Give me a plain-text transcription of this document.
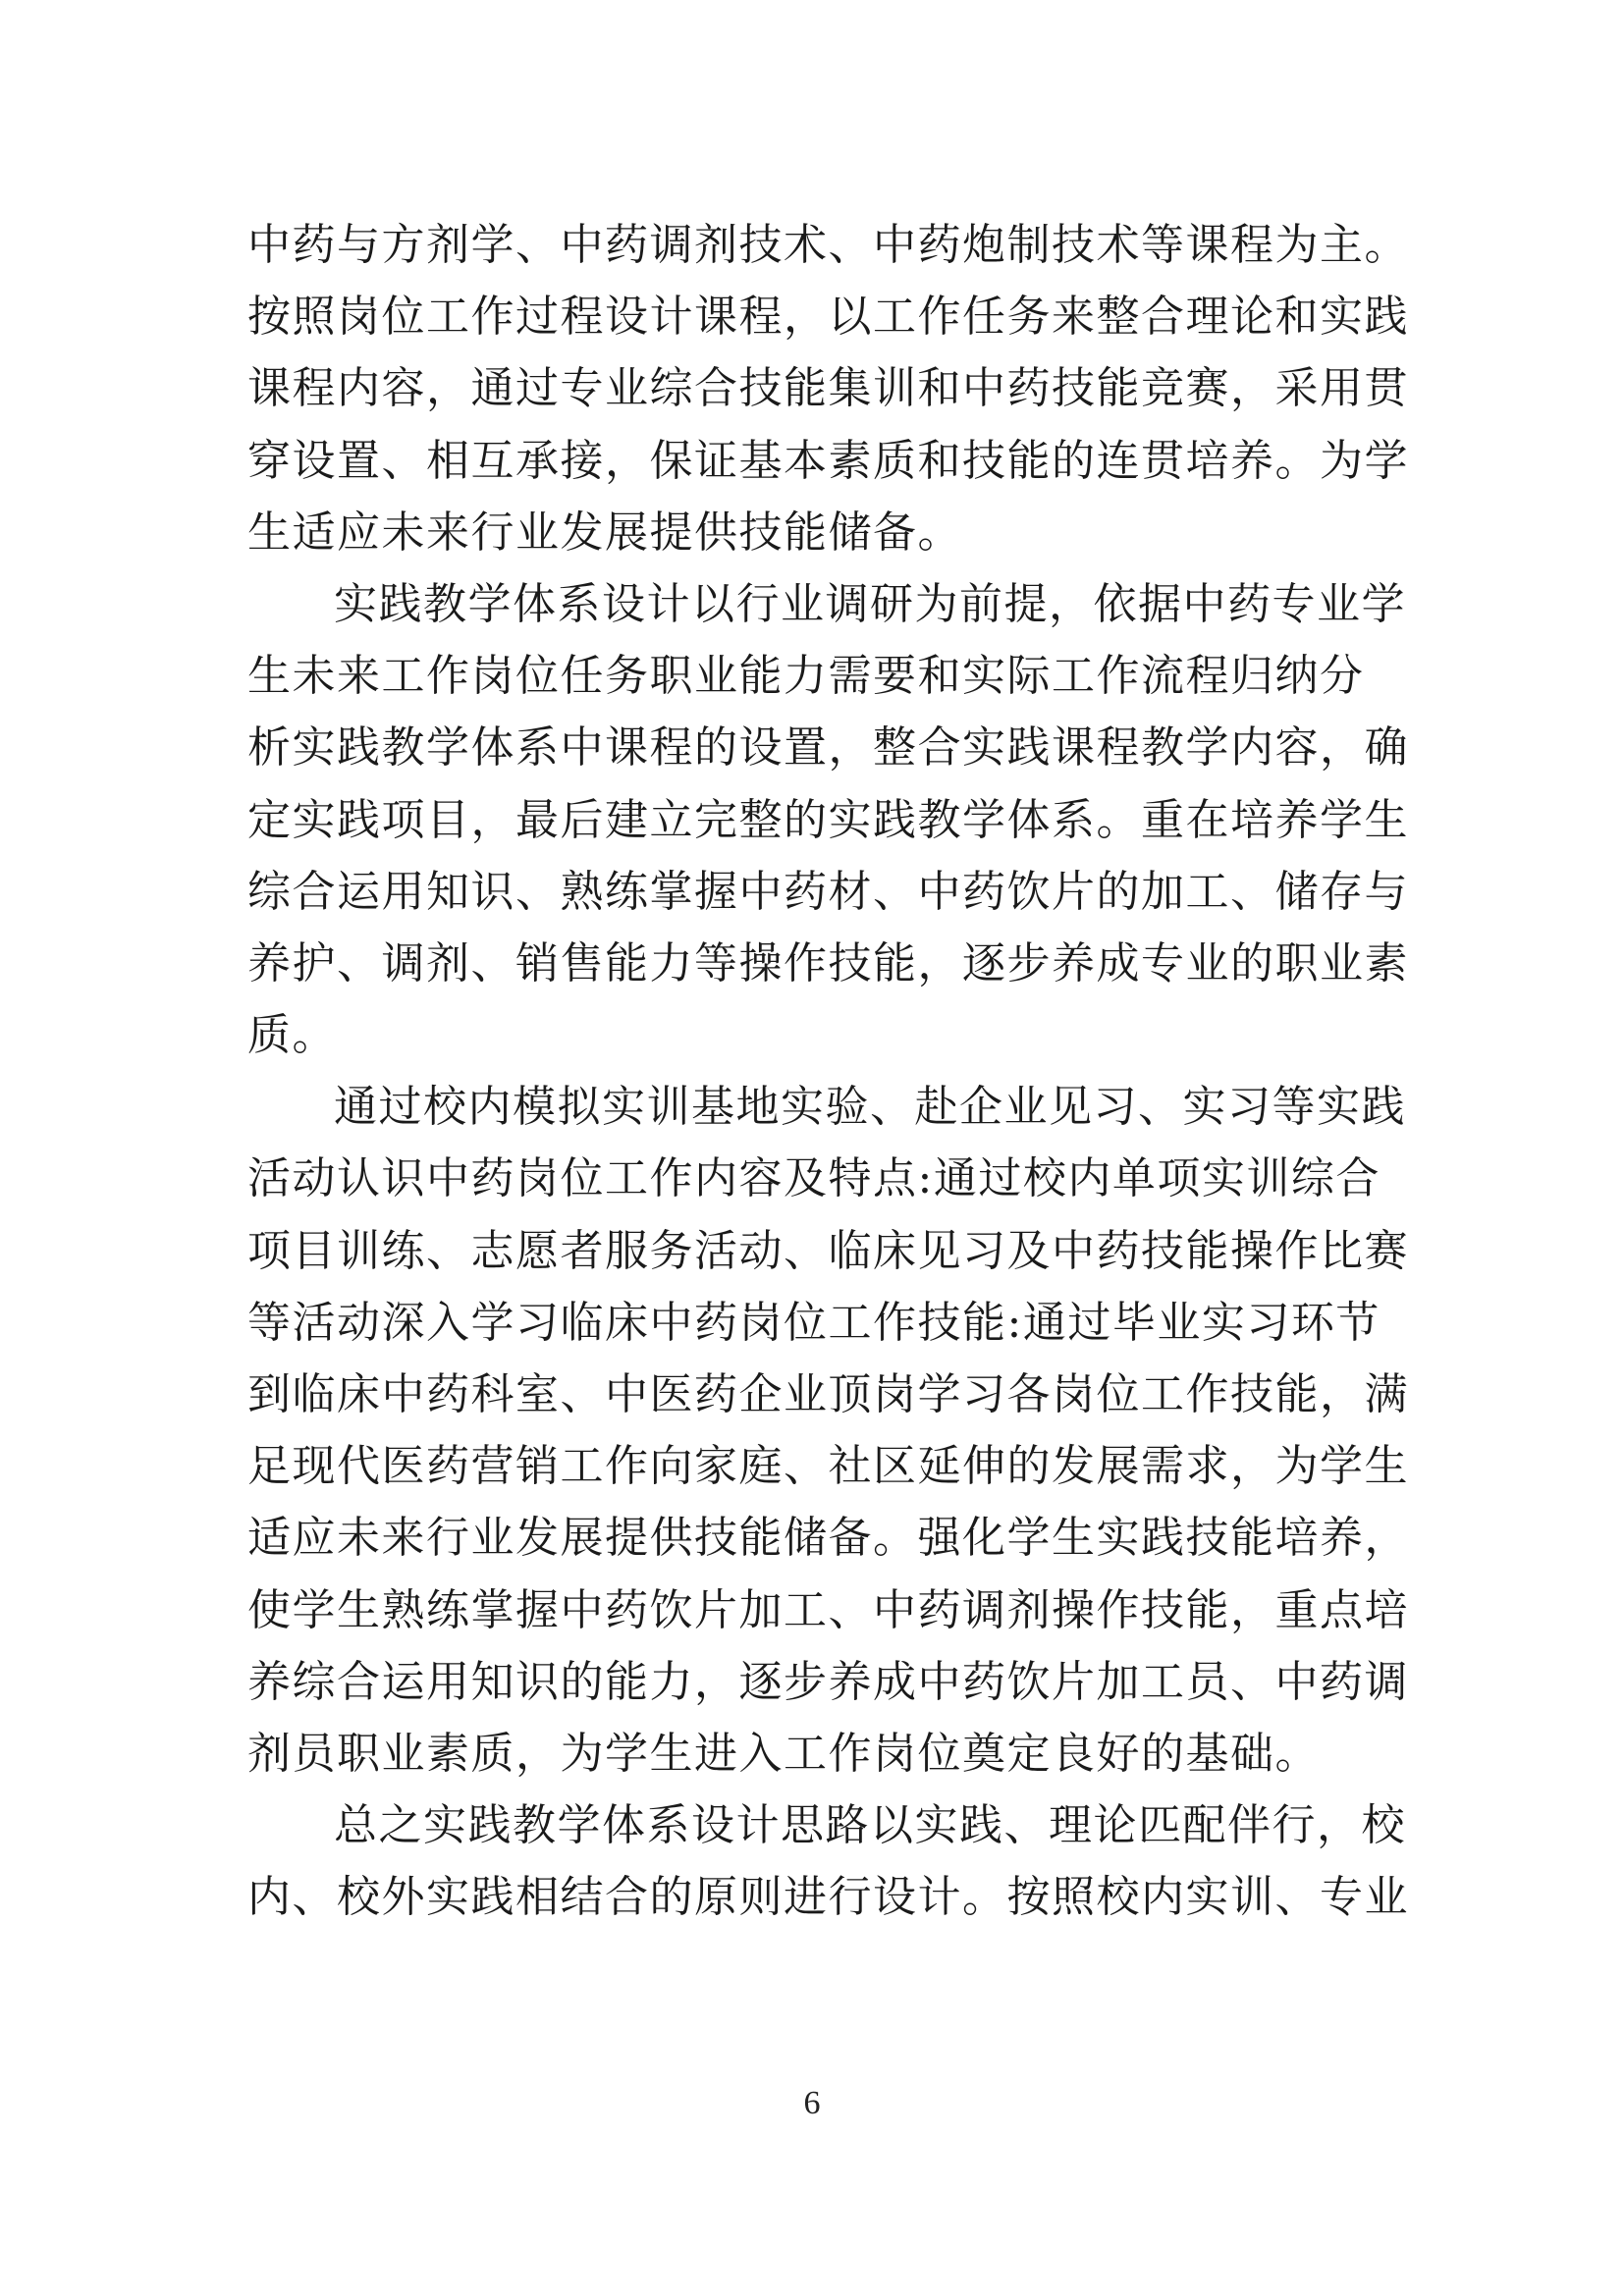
中药与方剂学、中药调剂技术、中药炮制技术等课程为主。
按照岗位工作过程设计课程，以工作任务来整合理论和实践
课程内容，通过专业综合技能集训和中药技能竞赛，采用贯
穿设置、相互承接，保证基本素质和技能的连贯培养。为学
生适应未来行业发展提供技能储备。
实践教学体系设计以行业调研为前提，依据中药专业学
生未来工作岗位任务职业能力需要和实际工作流程归纳分
析实践教学体系中课程的设置，整合实践课程教学内容，确
定实践项目，最后建立完整的实践教学体系。重在培养学生
综合运用知识、熟练掌握中药材、中药饮片的加工、储存与
养护、调剂、销售能力等操作技能，逐步养成专业的职业素
质。
通过校内模拟实训基地实验、赴企业见习、实习等实践
活动认识中药岗位工作内容及特点:通过校内单项实训综合
项目训练、志愿者服务活动、临床见习及中药技能操作比赛
等活动深入学习临床中药岗位工作技能:通过毕业实习环节
到临床中药科室、中医药企业顶岗学习各岗位工作技能，满
足现代医药营销工作向家庭、社区延伸的发展需求，为学生
适应未来行业发展提供技能储备。强化学生实践技能培养，
使学生熟练掌握中药饮片加工、中药调剂操作技能，重点培
养综合运用知识的能力，逐步养成中药饮片加工员、中药调
剂员职业素质，为学生进入工作岗位奠定良好的基础。
总之实践教学体系设计思路以实践、理论匹配伴行，校
内、校外实践相结合的原则进行设计。按照校内实训、专业
6
